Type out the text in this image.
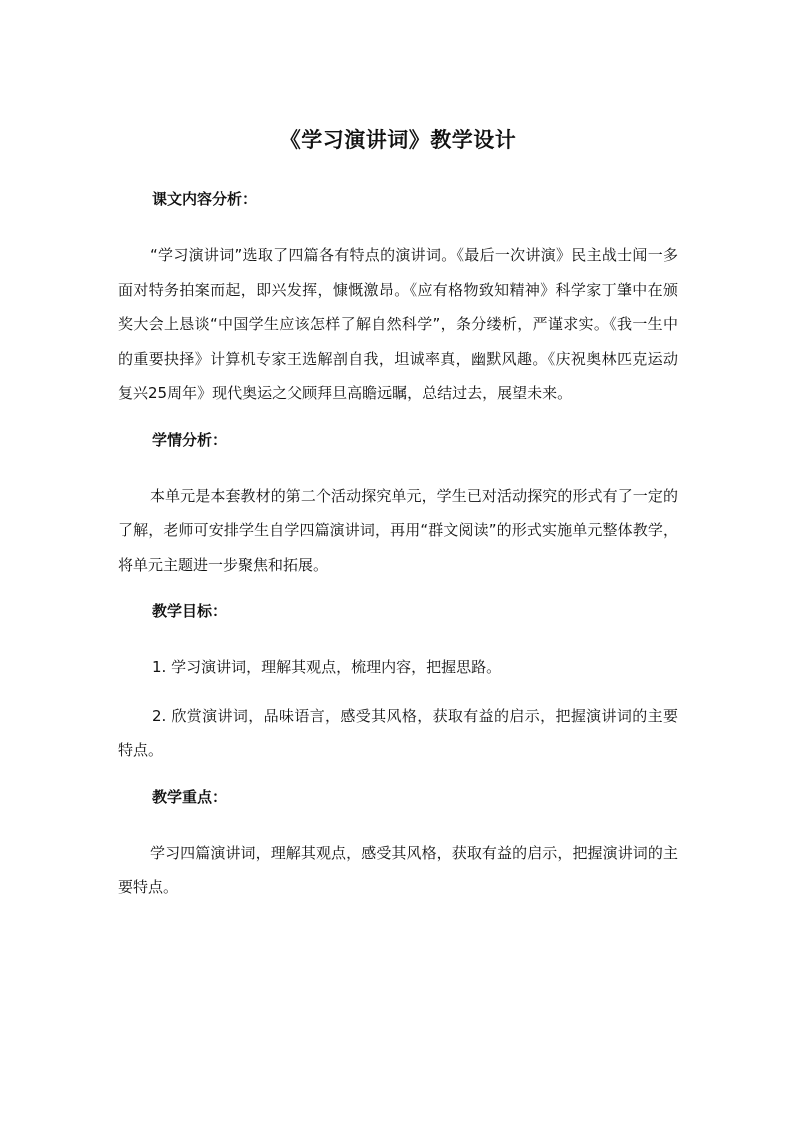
《学习演讲词》教学设计
课文内容分析：

“学习演讲词”选取了四篇各有特点的演讲词。《最后一次讲演》民主战士闻一多面对特务拍案而起，即兴发挥，慷慨激昂。《应有格物致知精神》科学家丁肇中在颁奖大会上恳谈“中国学生应该怎样了解自然科学”，条分缕析，严谨求实。《我一生中的重要抉择》计算机专家王选解剖自我，坦诚率真，幽默风趣。《庆祝奥林匹克运动复兴25周年》现代奥运之父顾拜旦高瞻远瞩，总结过去，展望未来。

学情分析：

本单元是本套教材的第二个活动探究单元，学生已对活动探究的形式有了一定的了解，老师可安排学生自学四篇演讲词，再用“群文阅读”的形式实施单元整体教学，将单元主题进一步聚焦和拓展。

教学目标：

1. 学习演讲词，理解其观点，梳理内容，把握思路。

2. 欣赏演讲词，品味语言，感受其风格，获取有益的启示，把握演讲词的主要特点。

教学重点：

学习四篇演讲词，理解其观点，感受其风格，获取有益的启示，把握演讲词的主要特点。
